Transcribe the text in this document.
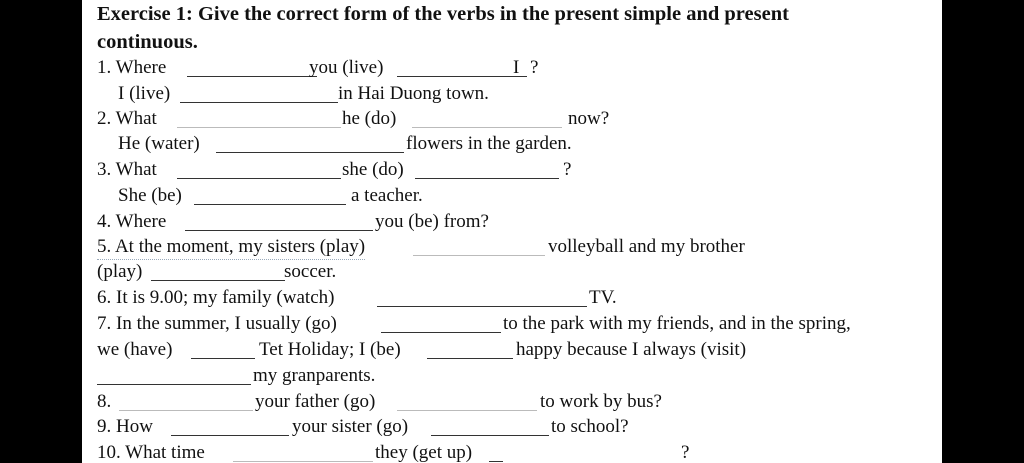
Exercise 1: Give the correct form of the verbs in the present simple and present
continuous.
1. Where	you (live)	I ?
I (live)	in Hai Duong town.
2. What	he (do)	now?
He (water)	flowers in the garden.
3. What	she (do)	?
She (be)	a teacher.
4. Where	you (be) from?
5. At the moment, my sisters (play)	volleyball and my brother
(play)	soccer.
6. It is 9.00; my family (watch)	TV.
7. In the summer, I usually (go)	to the park with my friends, and in the spring,
we (have)	Tet Holiday; I (be)	happy because I always (visit)
my granparents.
8.	your father (go)	to work by bus?
9. How	your sister (go)	to school?
10. What time	they (get up)	?
